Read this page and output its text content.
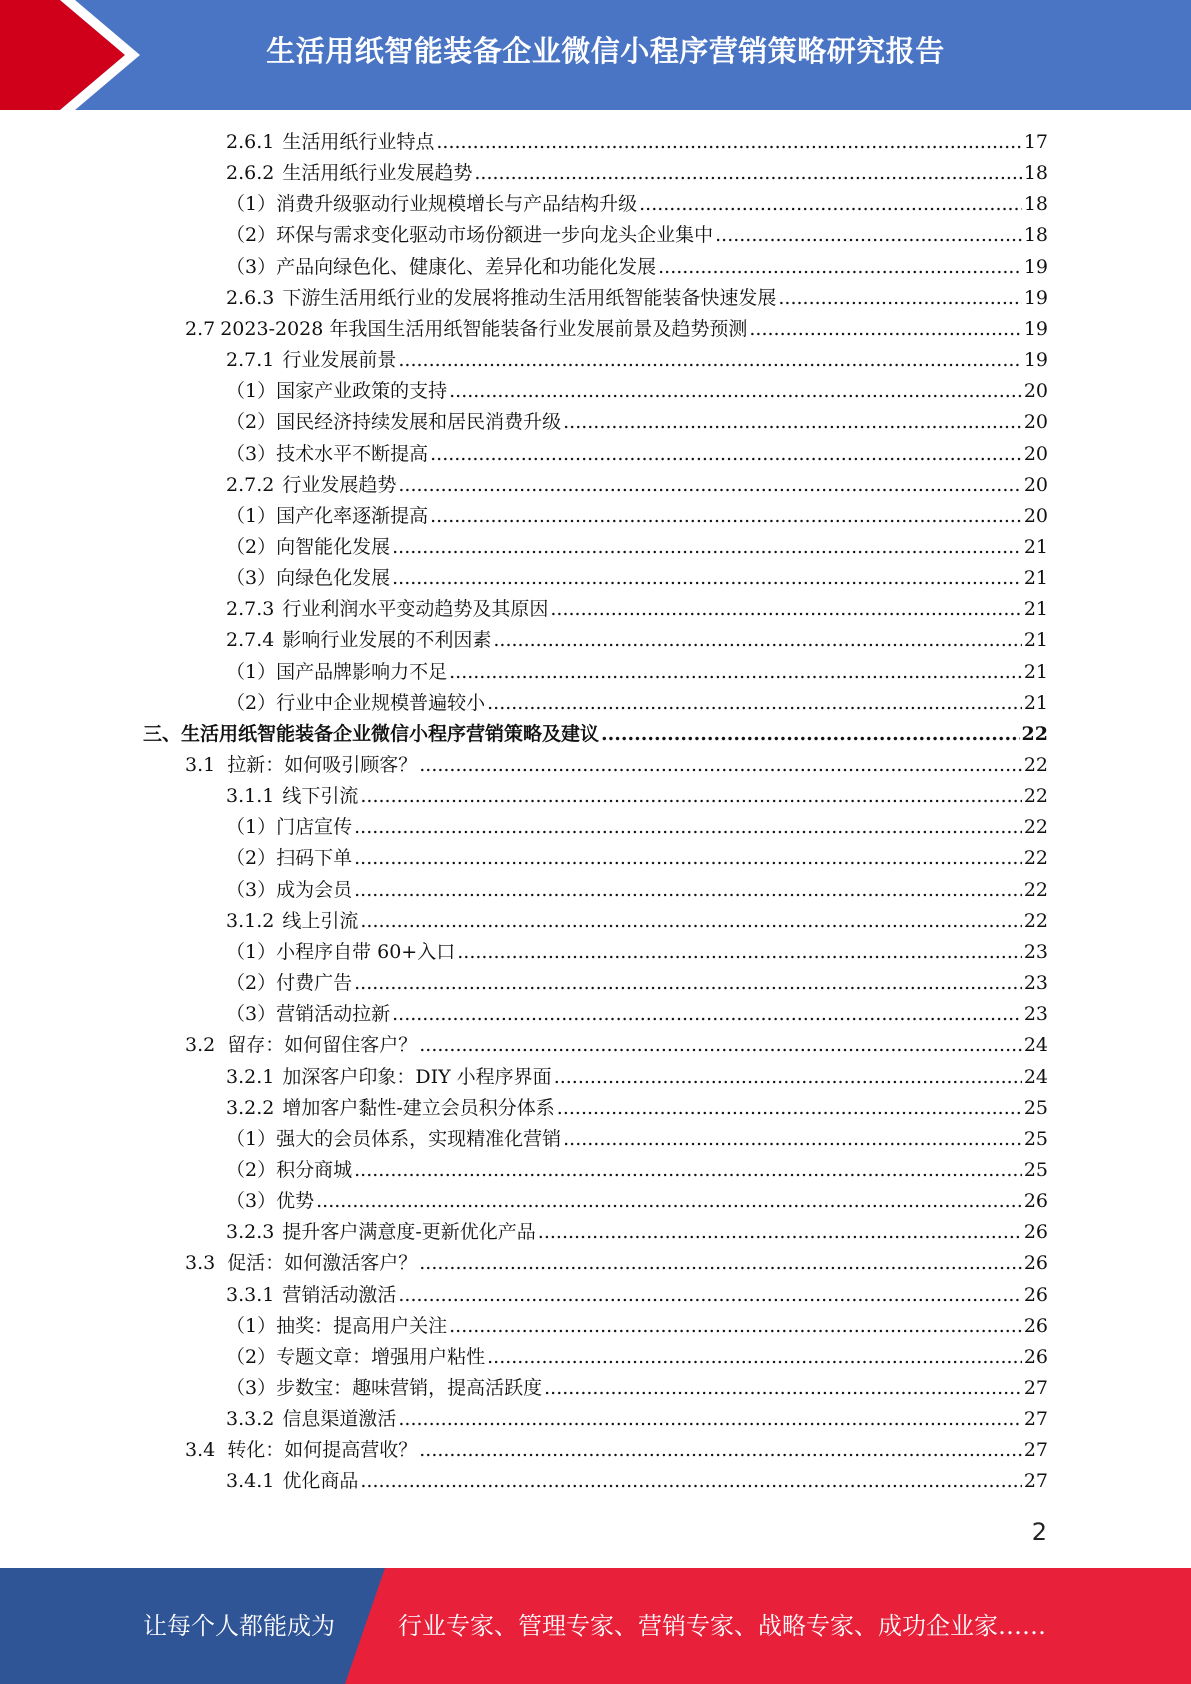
生活用纸智能装备企业微信小程序营销策略研究报告
2.6.1 生活用纸行业特点 .....	17
2.6.2 生活用纸行业发展趋势 .....	18
（1） 消费升级驱动行业规模增长与产品结构升级 .....	18
（2） 环保与需求变化驱动市场份额进一步向龙头企业集中 .....	18
（3） 产品向绿色化、健康化、差异化和功能化发展 .....	19
2.6.3 下游生活用纸行业的发展将推动生活用纸智能装备快速发展 .....	19
2.7 2023-2028 年我国生活用纸智能装备行业发展前景及趋势预测 .....	19
2.7.1 行业发展前景 .....	19
（1） 国家产业政策的支持 .....	20
（2） 国民经济持续发展和居民消费升级 .....	20
（3） 技术水平不断提高 .....	20
2.7.2 行业发展趋势 .....	20
（1） 国产化率逐渐提高 .....	20
（2） 向智能化发展 .....	21
（3） 向绿色化发展 .....	21
2.7.3 行业利润水平变动趋势及其原因 .....	21
2.7.4 影响行业发展的不利因素 .....	21
（1） 国产品牌影响力不足 .....	21
（2） 行业中企业规模普遍较小 .....	21
三、 生活用纸智能装备企业微信小程序营销策略及建议 .....	22
3.1 拉新：如何吸引顾客？ .....	22
3.1.1 线下引流 .....	22
（1） 门店宣传 .....	22
（2） 扫码下单 .....	22
（3） 成为会员 .....	22
3.1.2 线上引流 .....	22
（1） 小程序自带 60+入口 .....	23
（2） 付费广告 .....	23
（3） 营销活动拉新 .....	23
3.2 留存：如何留住客户？ .....	24
3.2.1 加深客户印象：DIY 小程序界面 .....	24
3.2.2 增加客户黏性-建立会员积分体系 .....	25
（1） 强大的会员体系，实现精准化营销 .....	25
（2） 积分商城 .....	25
（3） 优势 .....	26
3.2.3 提升客户满意度-更新优化产品 .....	26
3.3 促活：如何激活客户？ .....	26
3.3.1 营销活动激活 .....	26
（1） 抽奖：提高用户关注 .....	26
（2） 专题文章：增强用户粘性 .....	26
（3） 步数宝：趣味营销，提高活跃度 .....	27
3.3.2 信息渠道激活 .....	27
3.4 转化：如何提高营收？ .....	27
3.4.1 优化商品 .....	27
2
让每个人都能成为	行业专家、管理专家、营销专家、战略专家、成功企业家……
